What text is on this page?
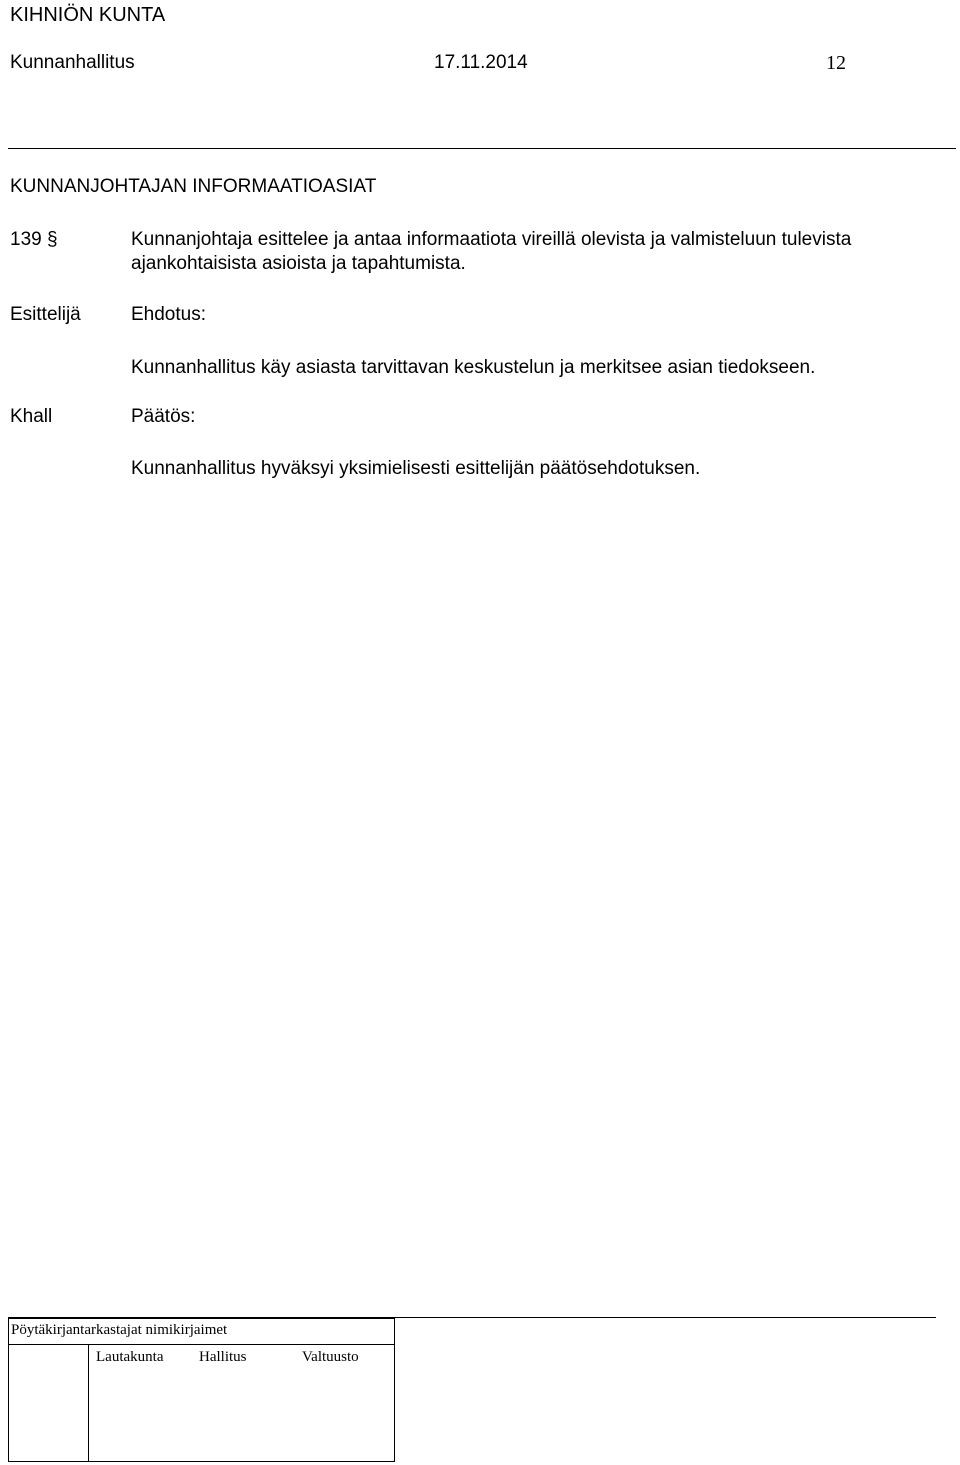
KIHNIÖN KUNTA
Kunnanhallitus	17.11.2014	12
KUNNANJOHTAJAN INFORMAATIOASIAT
139 §	Kunnanjohtaja esittelee ja antaa informaatiota vireillä olevista ja valmisteluun tulevista ajankohtaisista asioista ja tapahtumista.
Esittelijä	Ehdotus:
Kunnanhallitus käy asiasta tarvittavan keskustelun ja merkitsee asian tiedokseen.
Khall	Päätös:
Kunnanhallitus hyväksyi yksimielisesti esittelijän päätösehdotuksen.
Pöytäkirjantarkastajat nimikirjaimet
Lautakunta Hallitus	Valtuusto
